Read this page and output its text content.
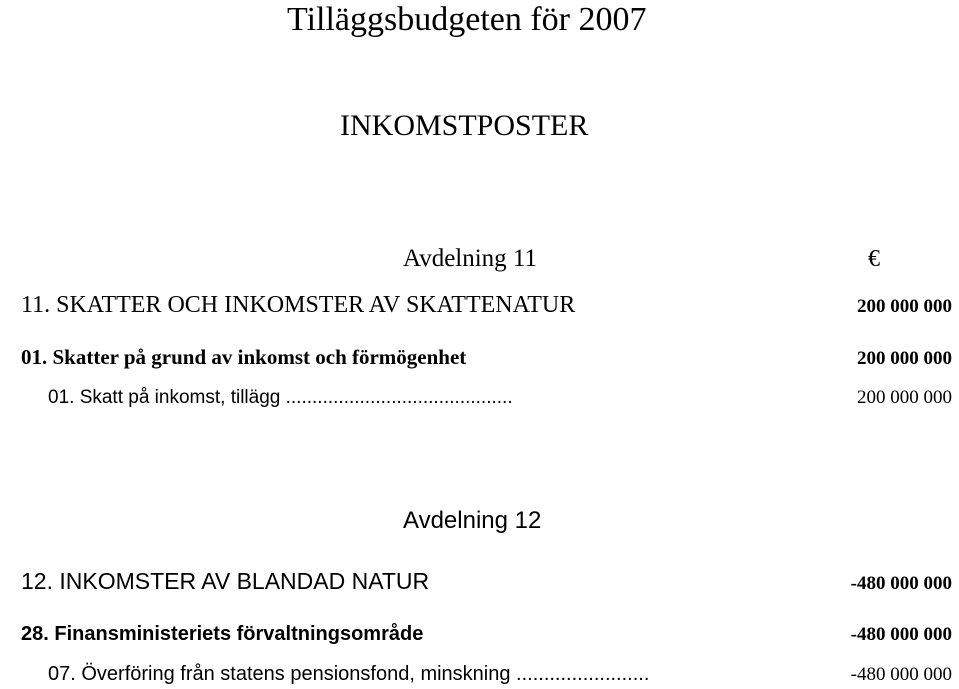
Tilläggsbudgeten för 2007
INKOMSTPOSTER
Avdelning 11	€
11. SKATTER OCH INKOMSTER AV SKATTENATUR	200 000 000
01. Skatter på grund av inkomst och förmögenhet	200 000 000
01. Skatt på inkomst, tillägg ...........................................	200 000 000
Avdelning 12
12. INKOMSTER AV BLANDAD NATUR	-480 000 000
28. Finansministeriets förvaltningsområde	-480 000 000
07. Överföring från statens pensionsfond, minskning ........................	-480 000 000
